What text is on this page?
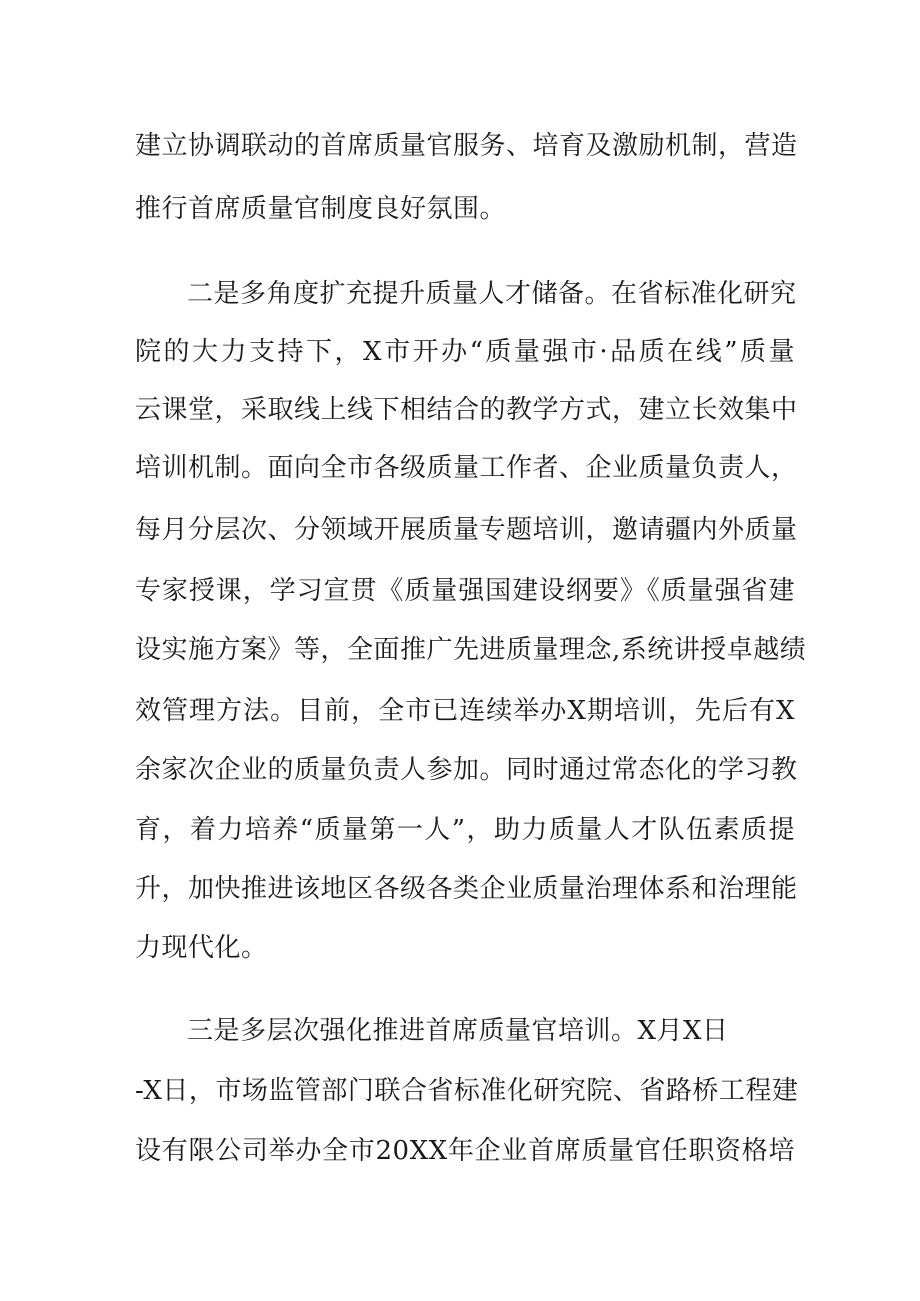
建立协调联动的首席质量官服务、培育及激励机制，营造
推行首席质量官制度良好氛围。
二是多角度扩充提升质量人才储备。在省标准化研究
院的大力支持下，X市开办“质量强市·品质在线”质量
云课堂，采取线上线下相结合的教学方式，建立长效集中
培训机制。面向全市各级质量工作者、企业质量负责人，
每月分层次、分领域开展质量专题培训，邀请疆内外质量
专家授课，学习宣贯《质量强国建设纲要》《质量强省建
设实施方案》等，全面推广先进质量理念,系统讲授卓越绩
效管理方法。目前，全市已连续举办X期培训，先后有X
余家次企业的质量负责人参加。同时通过常态化的学习教
育，着力培养“质量第一人”，助力质量人才队伍素质提
升，加快推进该地区各级各类企业质量治理体系和治理能
力现代化。
三是多层次强化推进首席质量官培训。X月X日
-X日，市场监管部门联合省标准化研究院、省路桥工程建
设有限公司举办全市20XX年企业首席质量官任职资格培
